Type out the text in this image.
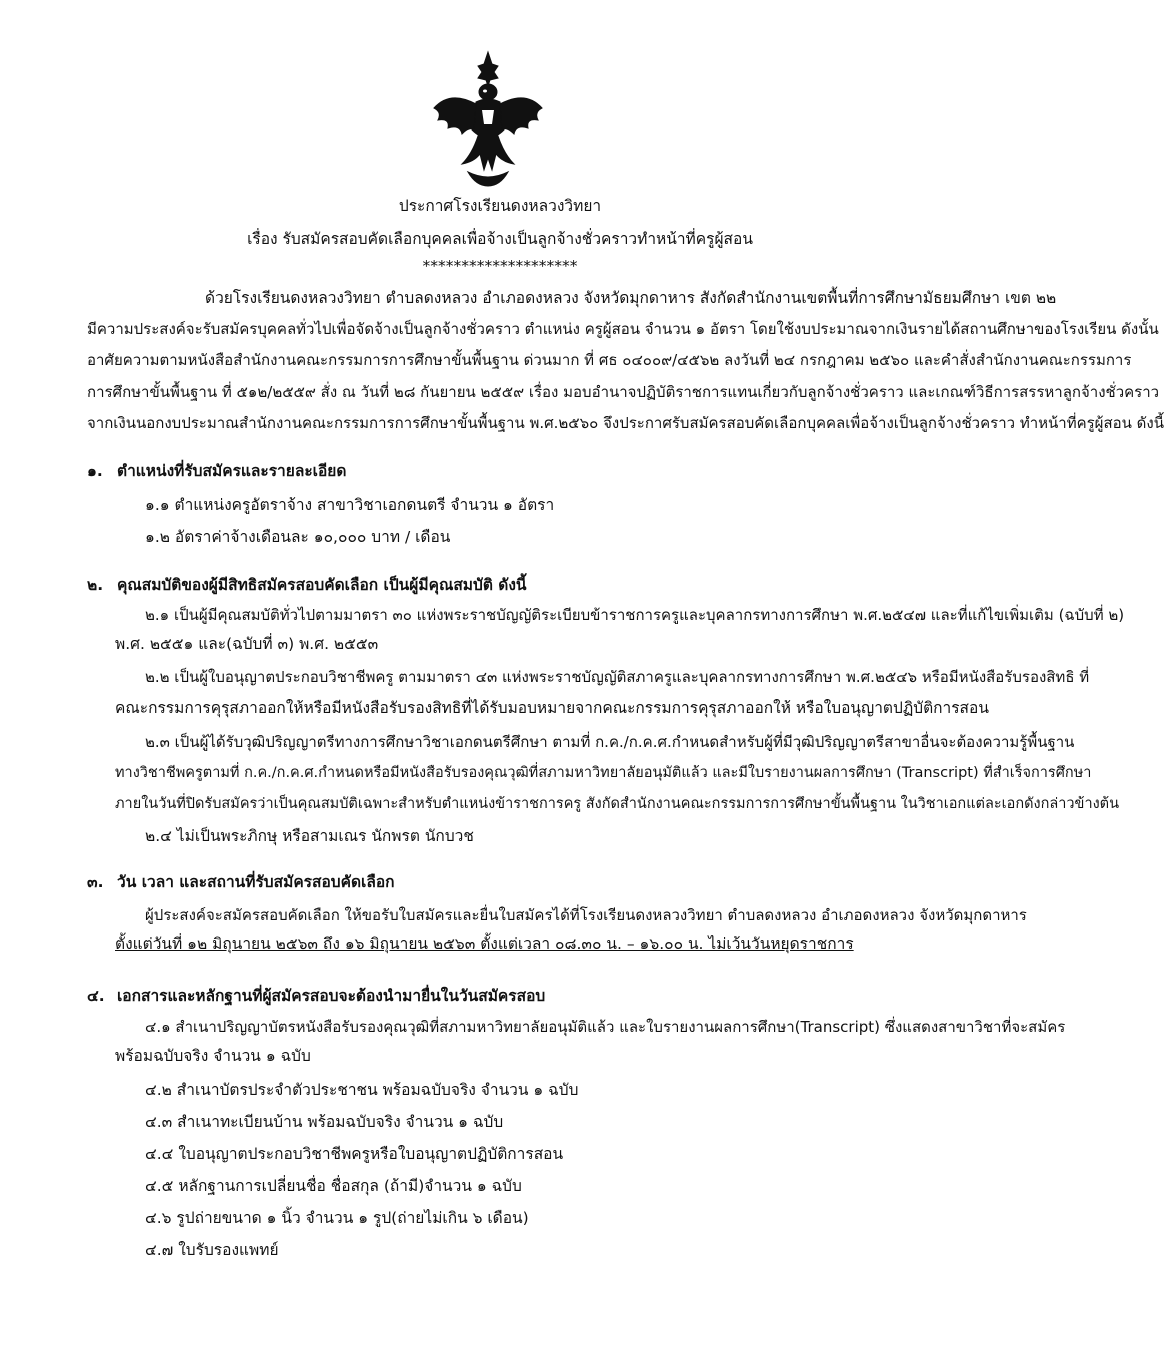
ประกาศโรงเรียนดงหลวงวิทยา
เรื่อง รับสมัครสอบคัดเลือกบุคคลเพื่อจ้างเป็นลูกจ้างชั่วคราวทำหน้าที่ครูผู้สอน
********************
ด้วยโรงเรียนดงหลวงวิทยา ตำบลดงหลวง อำเภอดงหลวง จังหวัดมุกดาหาร สังกัดสำนักงานเขตพื้นที่การศึกษามัธยมศึกษา เขต ๒๒
มีความประสงค์จะรับสมัครบุคคลทั่วไปเพื่อจัดจ้างเป็นลูกจ้างชั่วคราว ตำแหน่ง ครูผู้สอน จำนวน ๑ อัตรา โดยใช้งบประมาณจากเงินรายได้สถานศึกษาของโรงเรียน ดังนั้น
อาศัยความตามหนังสือสำนักงานคณะกรรมการการศึกษาขั้นพื้นฐาน ด่วนมาก ที่ ศธ ๐๔๐๐๙/๔๕๖๒ ลงวันที่ ๒๔ กรกฎาคม ๒๕๖๐ และคำสั่งสำนักงานคณะกรรมการ
การศึกษาขั้นพื้นฐาน ที่ ๕๑๒/๒๕๕๙ สั่ง ณ วันที่ ๒๘ กันยายน ๒๕๕๙ เรื่อง มอบอำนาจปฏิบัติราชการแทนเกี่ยวกับลูกจ้างชั่วคราว และเกณฑ์วิธีการสรรหาลูกจ้างชั่วคราว
จากเงินนอกงบประมาณสำนักงานคณะกรรมการการศึกษาขั้นพื้นฐาน พ.ศ.๒๕๖๐ จึงประกาศรับสมัครสอบคัดเลือกบุคคลเพื่อจ้างเป็นลูกจ้างชั่วคราว ทำหน้าที่ครูผู้สอน ดังนี้
๑. ตำแหน่งที่รับสมัครและรายละเอียด
๑.๑ ตำแหน่งครูอัตราจ้าง สาขาวิชาเอกดนตรี จำนวน ๑ อัตรา
๑.๒ อัตราค่าจ้างเดือนละ ๑๐,๐๐๐ บาท / เดือน
๒. คุณสมบัติของผู้มีสิทธิสมัครสอบคัดเลือก เป็นผู้มีคุณสมบัติ ดังนี้
๒.๑ เป็นผู้มีคุณสมบัติทั่วไปตามมาตรา ๓๐ แห่งพระราชบัญญัติระเบียบข้าราชการครูและบุคลากรทางการศึกษา พ.ศ.๒๕๔๗ และที่แก้ไขเพิ่มเติม (ฉบับที่ ๒)
พ.ศ. ๒๕๕๑ และ(ฉบับที่ ๓) พ.ศ. ๒๕๕๓
๒.๒ เป็นผู้ใบอนุญาตประกอบวิชาชีพครู ตามมาตรา ๔๓ แห่งพระราชบัญญัติสภาครูและบุคลากรทางการศึกษา พ.ศ.๒๕๔๖ หรือมีหนังสือรับรองสิทธิ ที่
คณะกรรมการคุรุสภาออกให้หรือมีหนังสือรับรองสิทธิที่ได้รับมอบหมายจากคณะกรรมการคุรุสภาออกให้ หรือใบอนุญาตปฏิบัติการสอน
๒.๓ เป็นผู้ได้รับวุฒิปริญญาตรีทางการศึกษาวิชาเอกดนตรีศึกษา ตามที่ ก.ค./ก.ค.ศ.กำหนดสำหรับผู้ที่มีวุฒิปริญญาตรีสาขาอื่นจะต้องความรู้พื้นฐาน
ทางวิชาชีพครูตามที่ ก.ค./ก.ค.ศ.กำหนดหรือมีหนังสือรับรองคุณวุฒิที่สภามหาวิทยาลัยอนุมัติแล้ว และมีใบรายงานผลการศึกษา (Transcript) ที่สำเร็จการศึกษา
ภายในวันที่ปิดรับสมัครว่าเป็นคุณสมบัติเฉพาะสำหรับตำแหน่งข้าราชการครู สังกัดสำนักงานคณะกรรมการการศึกษาขั้นพื้นฐาน ในวิชาเอกแต่ละเอกดังกล่าวข้างต้น
๒.๔ ไม่เป็นพระภิกษุ หรือสามเณร นักพรต นักบวช
๓. วัน เวลา และสถานที่รับสมัครสอบคัดเลือก
ผู้ประสงค์จะสมัครสอบคัดเลือก ให้ขอรับใบสมัครและยื่นใบสมัครได้ที่โรงเรียนดงหลวงวิทยา ตำบลดงหลวง อำเภอดงหลวง จังหวัดมุกดาหาร
ตั้งแต่วันที่ ๑๒ มิถุนายน ๒๕๖๓ ถึง ๑๖ มิถุนายน ๒๕๖๓ ตั้งแต่เวลา ๐๘.๓๐ น. – ๑๖.๐๐ น. ไม่เว้นวันหยุดราชการ
๔. เอกสารและหลักฐานที่ผู้สมัครสอบจะต้องนำมายื่นในวันสมัครสอบ
๔.๑ สำเนาปริญญาบัตรหนังสือรับรองคุณวุฒิที่สภามหาวิทยาลัยอนุมัติแล้ว และใบรายงานผลการศึกษา(Transcript) ซึ่งแสดงสาขาวิชาที่จะสมัคร
พร้อมฉบับจริง จำนวน ๑ ฉบับ
๔.๒ สำเนาบัตรประจำตัวประชาชน พร้อมฉบับจริง จำนวน ๑ ฉบับ
๔.๓ สำเนาทะเบียนบ้าน พร้อมฉบับจริง จำนวน ๑ ฉบับ
๔.๔ ใบอนุญาตประกอบวิชาชีพครูหรือใบอนุญาตปฏิบัติการสอน
๔.๕ หลักฐานการเปลี่ยนชื่อ ชื่อสกุล (ถ้ามี)จำนวน ๑ ฉบับ
๔.๖ รูปถ่ายขนาด ๑ นิ้ว จำนวน ๑ รูป(ถ่ายไม่เกิน ๖ เดือน)
๔.๗ ใบรับรองแพทย์
